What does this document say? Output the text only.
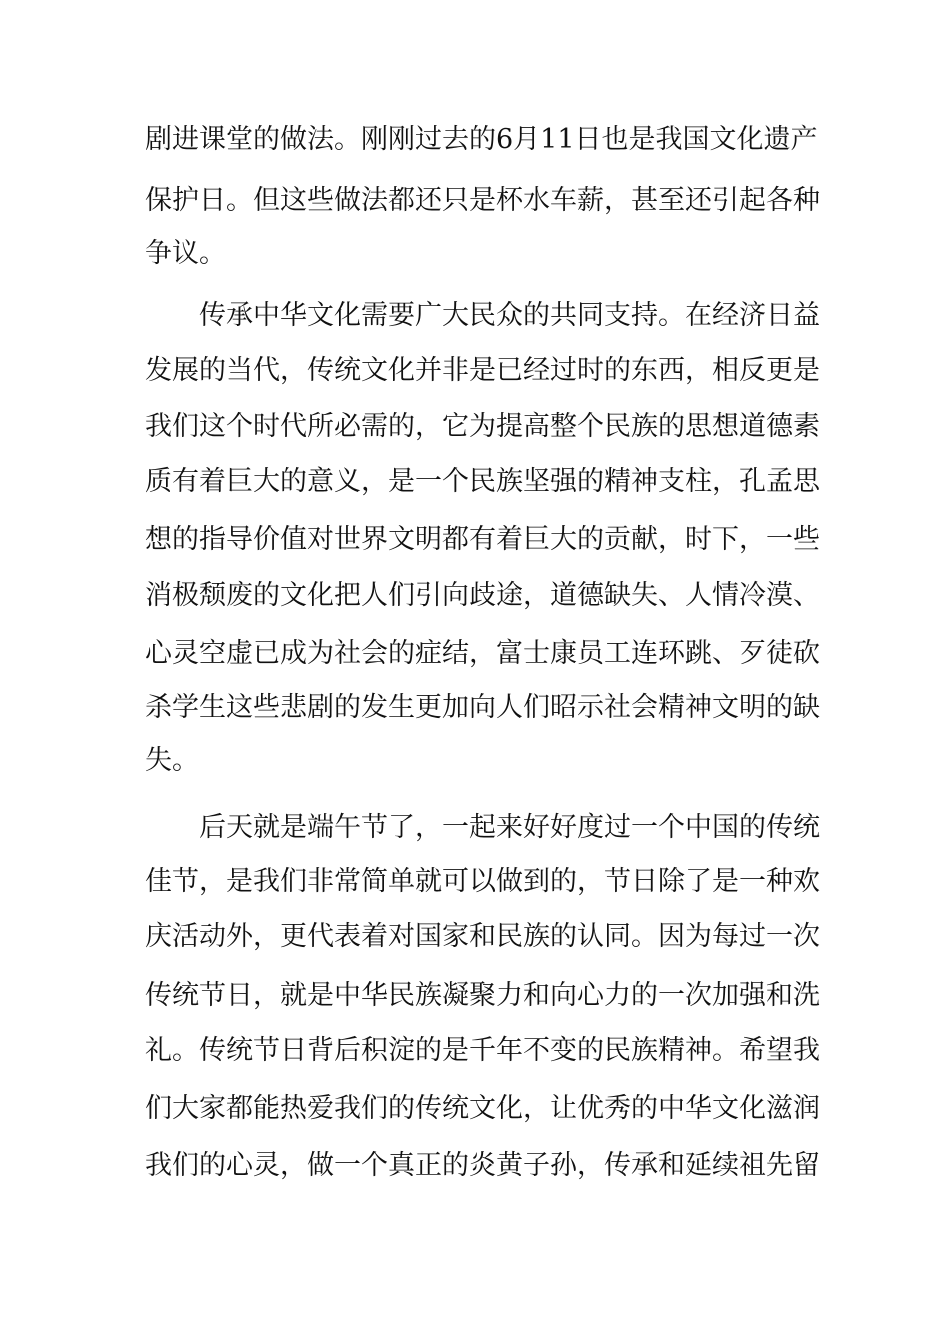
剧进课堂的做法。刚刚过去的6月11日也是我国文化遗产
保护日。但这些做法都还只是杯水车薪，甚至还引起各种
争议。
传承中华文化需要广大民众的共同支持。在经济日益
发展的当代，传统文化并非是已经过时的东西，相反更是
我们这个时代所必需的，它为提高整个民族的思想道德素
质有着巨大的意义，是一个民族坚强的精神支柱，孔孟思
想的指导价值对世界文明都有着巨大的贡献，时下，一些
消极颓废的文化把人们引向歧途，道德缺失、人情冷漠、
心灵空虚已成为社会的症结，富士康员工连环跳、歹徒砍
杀学生这些悲剧的发生更加向人们昭示社会精神文明的缺
失。
后天就是端午节了，一起来好好度过一个中国的传统
佳节，是我们非常简单就可以做到的，节日除了是一种欢
庆活动外，更代表着对国家和民族的认同。因为每过一次
传统节日，就是中华民族凝聚力和向心力的一次加强和洗
礼。传统节日背后积淀的是千年不变的民族精神。希望我
们大家都能热爱我们的传统文化，让优秀的中华文化滋润
我们的心灵，做一个真正的炎黄子孙，传承和延续祖先留
